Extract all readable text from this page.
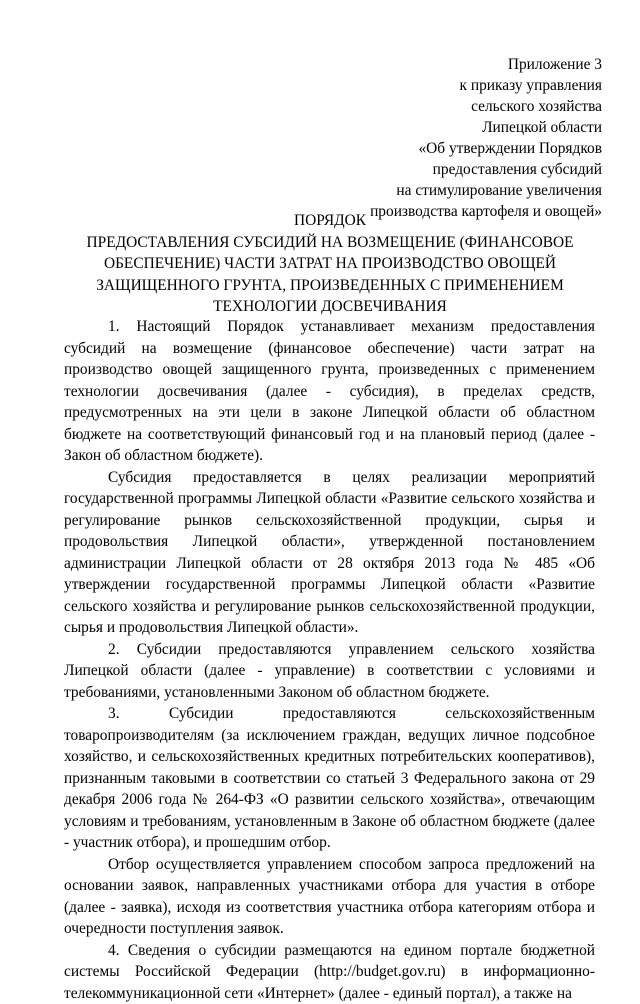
Приложение 3
к приказу управления
сельского хозяйства
Липецкой области
«Об утверждении Порядков
предоставления субсидий
на стимулирование увеличения
производства картофеля и овощей»
ПОРЯДОК
ПРЕДОСТАВЛЕНИЯ СУБСИДИЙ НА ВОЗМЕЩЕНИЕ (ФИНАНСОВОЕ
ОБЕСПЕЧЕНИЕ) ЧАСТИ ЗАТРАТ НА ПРОИЗВОДСТВО ОВОЩЕЙ
ЗАЩИЩЕННОГО ГРУНТА, ПРОИЗВЕДЕННЫХ С ПРИМЕНЕНИЕМ
ТЕХНОЛОГИИ ДОСВЕЧИВАНИЯ

1. Настоящий Порядок устанавливает механизм предоставления субсидий на возмещение (финансовое обеспечение) части затрат на производство овощей защищенного грунта, произведенных с применением технологии досвечивания (далее - субсидия), в пределах средств, предусмотренных на эти цели в законе Липецкой области об областном бюджете на соответствующий финансовый год и на плановый период (далее - Закон об областном бюджете).

Субсидия предоставляется в целях реализации мероприятий государственной программы Липецкой области «Развитие сельского хозяйства и регулирование рынков сельскохозяйственной продукции, сырья и продовольствия Липецкой области», утвержденной постановлением администрации Липецкой области от 28 октября 2013 года № 485 «Об утверждении государственной программы Липецкой области «Развитие сельского хозяйства и регулирование рынков сельскохозяйственной продукции, сырья и продовольствия Липецкой области».

2. Субсидии предоставляются управлением сельского хозяйства Липецкой области (далее - управление) в соответствии с условиями и требованиями, установленными Законом об областном бюджете.

3. Субсидии предоставляются сельскохозяйственным товаропроизводителям (за исключением граждан, ведущих личное подсобное хозяйство, и сельскохозяйственных кредитных потребительских кооперативов), признанным таковыми в соответствии со статьей 3 Федерального закона от 29 декабря 2006 года № 264-ФЗ «О развитии сельского хозяйства», отвечающим условиям и требованиям, установленным в Законе об областном бюджете (далее - участник отбора), и прошедшим отбор.

Отбор осуществляется управлением способом запроса предложений на основании заявок, направленных участниками отбора для участия в отборе (далее - заявка), исходя из соответствия участника отбора категориям отбора и очередности поступления заявок.

4. Сведения о субсидии размещаются на едином портале бюджетной системы Российской Федерации (http://budget.gov.ru) в информационно-телекоммуникационной сети «Интернет» (далее - единый портал), а также на
